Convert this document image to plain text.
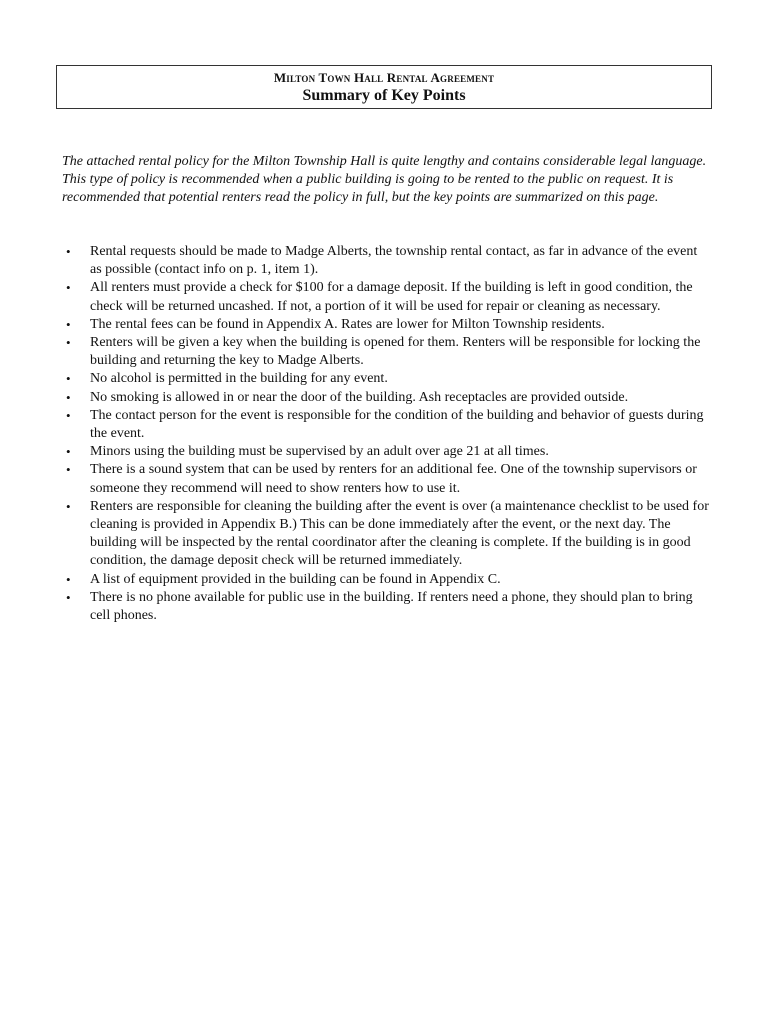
Milton Town Hall Rental Agreement
Summary of Key Points

The attached rental policy for the Milton Township Hall is quite lengthy and contains considerable legal language. This type of policy is recommended when a public building is going to be rented to the public on request. It is recommended that potential renters read the policy in full, but the key points are summarized on this page.

• Rental requests should be made to Madge Alberts, the township rental contact, as far in advance of the event as possible (contact info on p. 1, item 1).
• All renters must provide a check for $100 for a damage deposit. If the building is left in good condition, the check will be returned uncashed. If not, a portion of it will be used for repair or cleaning as necessary.
• The rental fees can be found in Appendix A. Rates are lower for Milton Township residents.
• Renters will be given a key when the building is opened for them. Renters will be responsible for locking the building and returning the key to Madge Alberts.
• No alcohol is permitted in the building for any event.
• No smoking is allowed in or near the door of the building. Ash receptacles are provided outside.
• The contact person for the event is responsible for the condition of the building and behavior of guests during the event.
• Minors using the building must be supervised by an adult over age 21 at all times.
• There is a sound system that can be used by renters for an additional fee. One of the township supervisors or someone they recommend will need to show renters how to use it.
• Renters are responsible for cleaning the building after the event is over (a maintenance checklist to be used for cleaning is provided in Appendix B.) This can be done immediately after the event, or the next day. The building will be inspected by the rental coordinator after the cleaning is complete. If the building is in good condition, the damage deposit check will be returned immediately.
• A list of equipment provided in the building can be found in Appendix C.
• There is no phone available for public use in the building. If renters need a phone, they should plan to bring cell phones.
